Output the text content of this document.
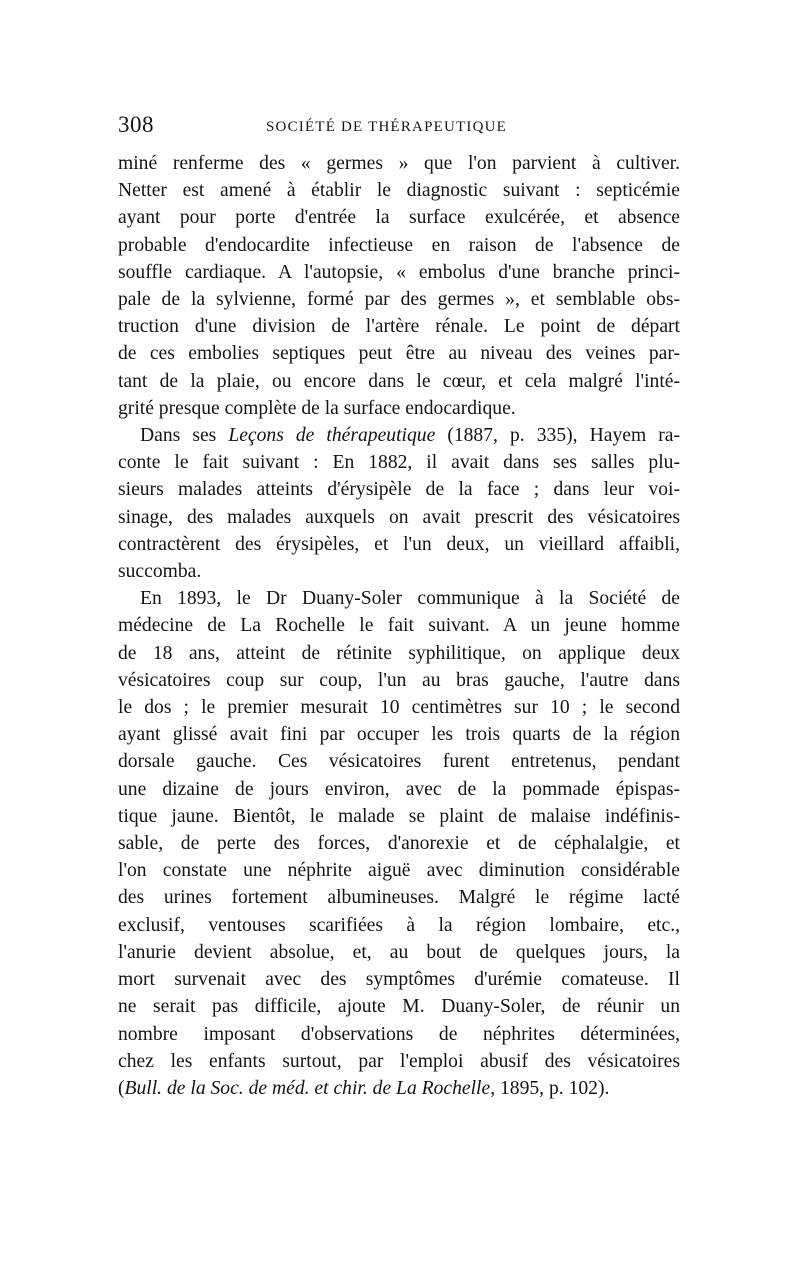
308	SOCIÉTÉ DE THÉRAPEUTIQUE

miné renferme des « germes » que l'on parvient à cultiver.
Netter est amené à établir le diagnostic suivant : septicémie
ayant pour porte d'entrée la surface exulcérée, et absence
probable d'endocardite infectieuse en raison de l'absence de
souffle cardiaque. A l'autopsie, « embolus d'une branche princi-
pale de la sylvienne, formé par des germes », et semblable obs-
truction d'une division de l'artère rénale. Le point de départ
de ces embolies septiques peut être au niveau des veines par-
tant de la plaie, ou encore dans le cœur, et cela malgré l'inté-
grité presque complète de la surface endocardique.

Dans ses Leçons de thérapeutique (1887, p. 335), Hayem ra-
conte le fait suivant : En 1882, il avait dans ses salles plu-
sieurs malades atteints d'érysipèle de la face ; dans leur voi-
sinage, des malades auxquels on avait prescrit des vésicatoires
contractèrent des érysipèles, et l'un deux, un vieillard affaibli,
succomba.

En 1893, le Dr Duany-Soler communique à la Société de
médecine de La Rochelle le fait suivant. A un jeune homme
de 18 ans, atteint de rétinite syphilitique, on applique deux
vésicatoires coup sur coup, l'un au bras gauche, l'autre dans
le dos ; le premier mesurait 10 centimètres sur 10 ; le second
ayant glissé avait fini par occuper les trois quarts de la région
dorsale gauche. Ces vésicatoires furent entretenus, pendant
une dizaine de jours environ, avec de la pommade épispas-
tique jaune. Bientôt, le malade se plaint de malaise indéfinis-
sable, de perte des forces, d'anorexie et de céphalalgie, et
l'on constate une néphrite aiguë avec diminution considérable
des urines fortement albumineuses. Malgré le régime lacté
exclusif, ventouses scarifiées à la région lombaire, etc.,
l'anurie devient absolue, et, au bout de quelques jours, la
mort survenait avec des symptômes d'urémie comateuse. Il
ne serait pas difficile, ajoute M. Duany-Soler, de réunir un
nombre imposant d'observations de néphrites déterminées,
chez les enfants surtout, par l'emploi abusif des vésicatoires
(Bull. de la Soc. de méd. et chir. de La Rochelle, 1895, p. 102).
